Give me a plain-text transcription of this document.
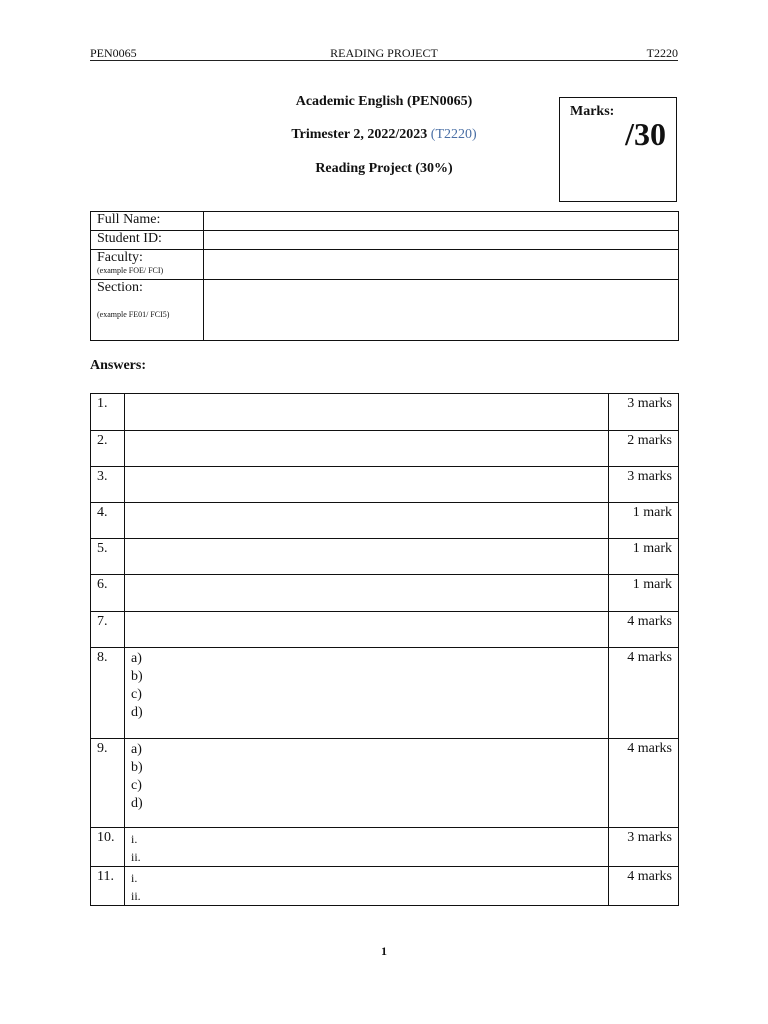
READING PROJECT
PEN0065	T2220
Academic English (PEN0065)
Trimester 2, 2022/2023 (T2220)
Reading Project (30%)
Marks:
/30
Full Name:	
Student ID:	

Faculty:
(example FOE/ FCI)	

Section:
(example FE01/ FCI5)	

Answers:
1.		3 marks
2.		2 marks
3.		3 marks
4.		1 mark
5.		1 mark
6.		1 mark
7.		4 marks
8.	a)
b)
c)
d)	4 marks
9.	a)
b)
c)
d)	4 marks
10.	i.
ii.	3 marks
11.	i.
ii.	4 marks
1
